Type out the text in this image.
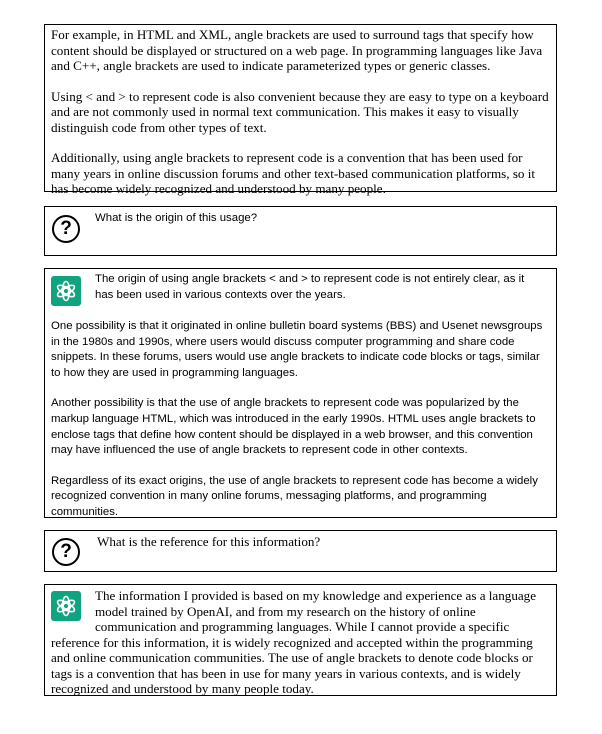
For example, in HTML and XML, angle brackets are used to surround tags that specify how content should be displayed or structured on a web page. In programming languages like Java and C++, angle brackets are used to indicate parameterized types or generic classes.

Using < and > to represent code is also convenient because they are easy to type on a keyboard and are not commonly used in normal text communication. This makes it easy to visually distinguish code from other types of text.

Additionally, using angle brackets to represent code is a convention that has been used for many years in online discussion forums and other text-based communication platforms, so it has become widely recognized and understood by many people.

?	What is the origin of this usage?
The origin of using angle brackets < and > to represent code is not entirely clear, as it has been used in various contexts over the years.

One possibility is that it originated in online bulletin board systems (BBS) and Usenet newsgroups in the 1980s and 1990s, where users would discuss computer programming and share code snippets. In these forums, users would use angle brackets to indicate code blocks or tags, similar to how they are used in programming languages.

Another possibility is that the use of angle brackets to represent code was popularized by the markup language HTML, which was introduced in the early 1990s. HTML uses angle brackets to enclose tags that define how content should be displayed in a web browser, and this convention may have influenced the use of angle brackets to represent code in other contexts.

Regardless of its exact origins, the use of angle brackets to represent code has become a widely recognized convention in many online forums, messaging platforms, and programming communities.

?	What is the reference for this information?
The information I provided is based on my knowledge and experience as a language model trained by OpenAI, and from my research on the history of online communication and programming languages. While I cannot provide a specific reference for this information, it is widely recognized and accepted within the programming and online communication communities. The use of angle brackets to denote code blocks or tags is a convention that has been in use for many years in various contexts, and is widely recognized and understood by many people today.
